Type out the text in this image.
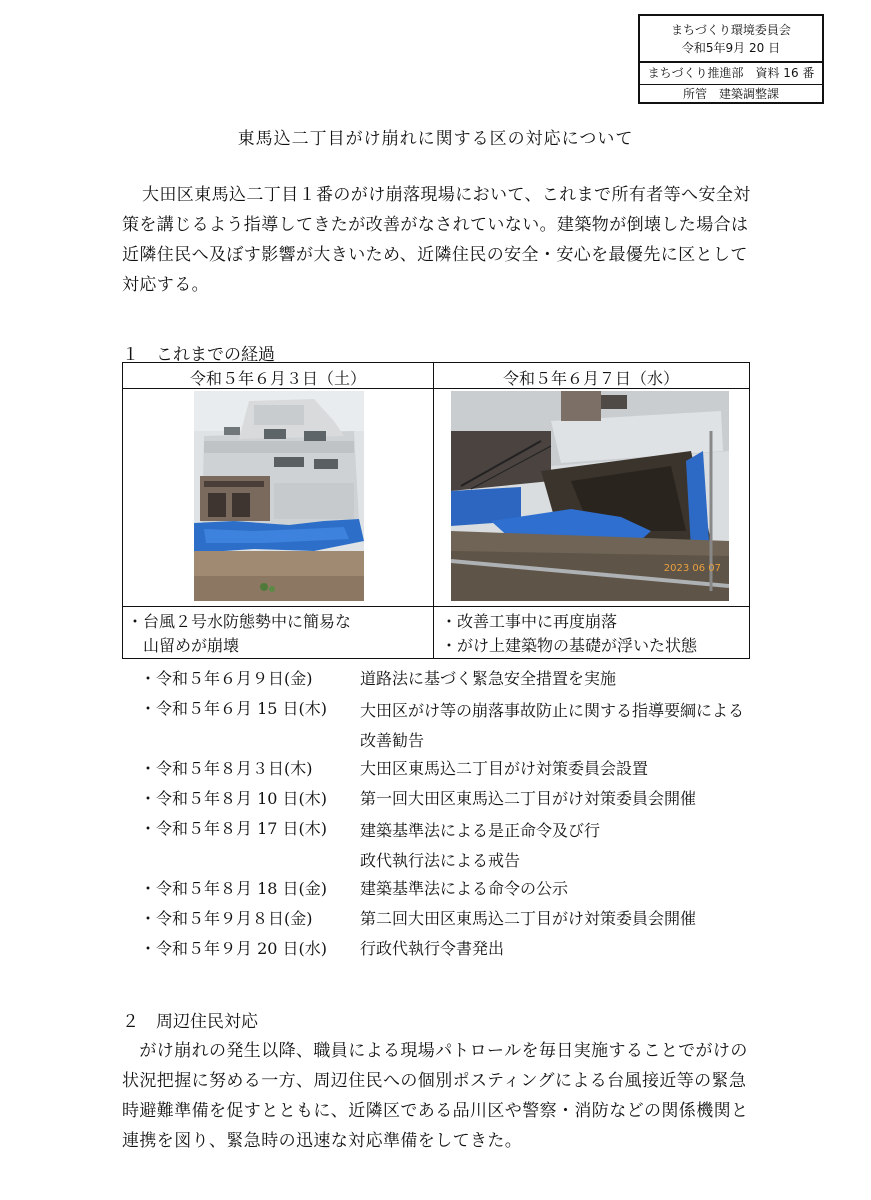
まちづくり環境委員会
令和5年9月 20 日
まちづくり推進部　資料 16 番
所管　建築調整課
東馬込二丁目がけ崩れに関する区の対応について
大田区東馬込二丁目１番のがけ崩落現場において、これまで所有者等へ安全対策を講じるよう指導してきたが改善がなされていない。建築物が倒壊した場合は近隣住民へ及ぼす影響が大きいため、近隣住民の安全・安心を最優先に区として対応する。
１　これまでの経過
令和５年６月３日（土）	令和５年６月７日（水）
2023 06 07
・台風２号水防態勢中に簡易な
　山留めが崩壊
・改善工事中に再度崩落
・がけ上建築物の基礎が浮いた状態
・令和５年６月９日(金)	道路法に基づく緊急安全措置を実施
・令和５年６月 15 日(木) 大田区がけ等の崩落事故防止に関する指導要綱による改善勧告
・令和５年８月３日(木)	大田区東馬込二丁目がけ対策委員会設置
・令和５年８月 10 日(木) 第一回大田区東馬込二丁目がけ対策委員会開催
・令和５年８月 17 日(木) 建築基準法による是正命令及び行政代執行法による戒告
・令和５年８月 18 日(金) 建築基準法による命令の公示
・令和５年９月８日(金)	第二回大田区東馬込二丁目がけ対策委員会開催
・令和５年９月 20 日(水) 行政代執行令書発出
２　周辺住民対応
　がけ崩れの発生以降、職員による現場パトロールを毎日実施することでがけの状況把握に努める一方、周辺住民への個別ポスティングによる台風接近等の緊急時避難準備を促すとともに、近隣区である品川区や警察・消防などの関係機関と連携を図り、緊急時の迅速な対応準備をしてきた。
